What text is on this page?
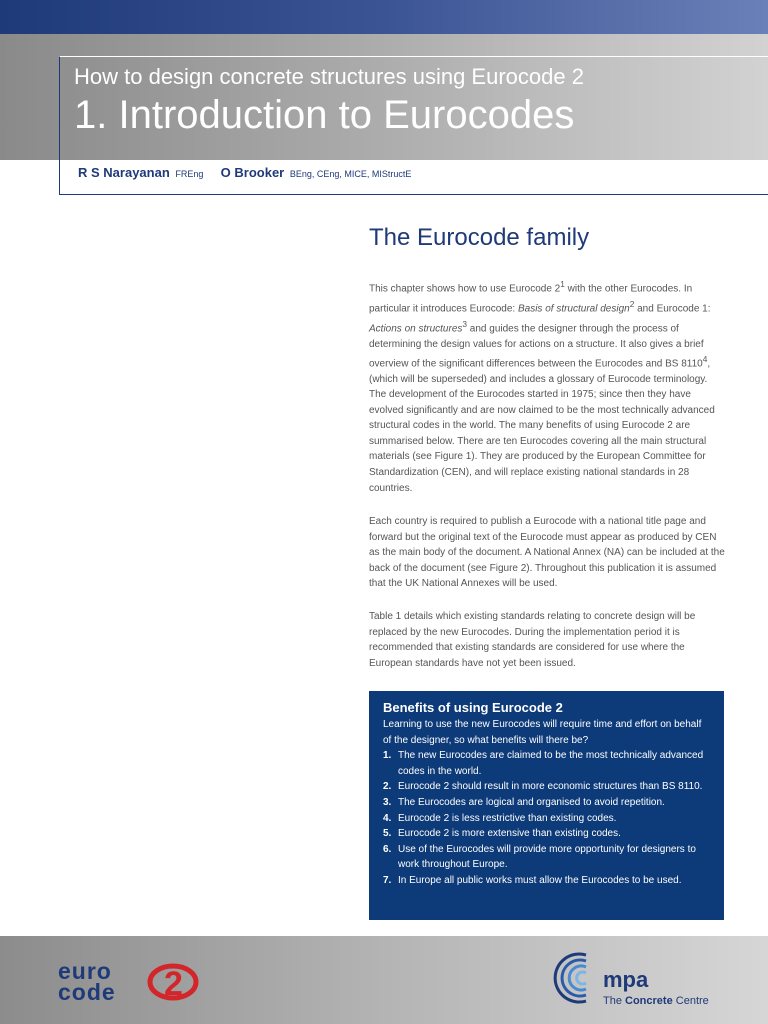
How to design concrete structures using Eurocode 2
1. Introduction to Eurocodes
R S Narayanan FREng O Brooker BEng, CEng, MICE, MIStructE
The Eurocode family

This chapter shows how to use Eurocode $2^1$ with the other Eurocodes. In particular it introduces Eurocode: Basis of structural design$^2$ and Eurocode 1: Actions on structures$^3$ and guides the designer through the process of determining the design values for actions on a structure. It also gives a brief overview of the significant differences between the Eurocodes and BS 8110$^4$, (which will be superseded) and includes a glossary of Eurocode terminology.

The development of the Eurocodes started in 1975; since then they have evolved significantly and are now claimed to be the most technically advanced structural codes in the world. The many benefits of using Eurocode 2 are summarised below. There are ten Eurocodes covering all the main structural materials (see Figure 1). They are produced by the European Committee for Standardization (CEN), and will replace existing national standards in 28 countries.

Each country is required to publish a Eurocode with a national title page and forward but the original text of the Eurocode must appear as produced by CEN as the main body of the document. A National Annex (NA) can be included at the back of the document (see Figure 2). Throughout this publication it is assumed that the UK National Annexes will be used.

Table 1 details which existing standards relating to concrete design will be replaced by the new Eurocodes. During the implementation period it is recommended that existing standards are considered for use where the European standards have not yet been issued.

Benefits of using Eurocode 2

Learning to use the new Eurocodes will require time and effort on behalf of the designer, so what benefits will there be?

1. The new Eurocodes are claimed to be the most technically advanced codes in the world.
2. Eurocode 2 should result in more economic structures than BS 8110.
3. The Eurocodes are logical and organised to avoid repetition.
4. Eurocode 2 is less restrictive than existing codes.
5. Eurocode 2 is more extensive than existing codes.
6. Use of the Eurocodes will provide more opportunity for designers to work throughout Europe.
7. In Europe all public works must allow the Eurocodes to be used.
euro
code 2	mpa
The Concrete Centre
